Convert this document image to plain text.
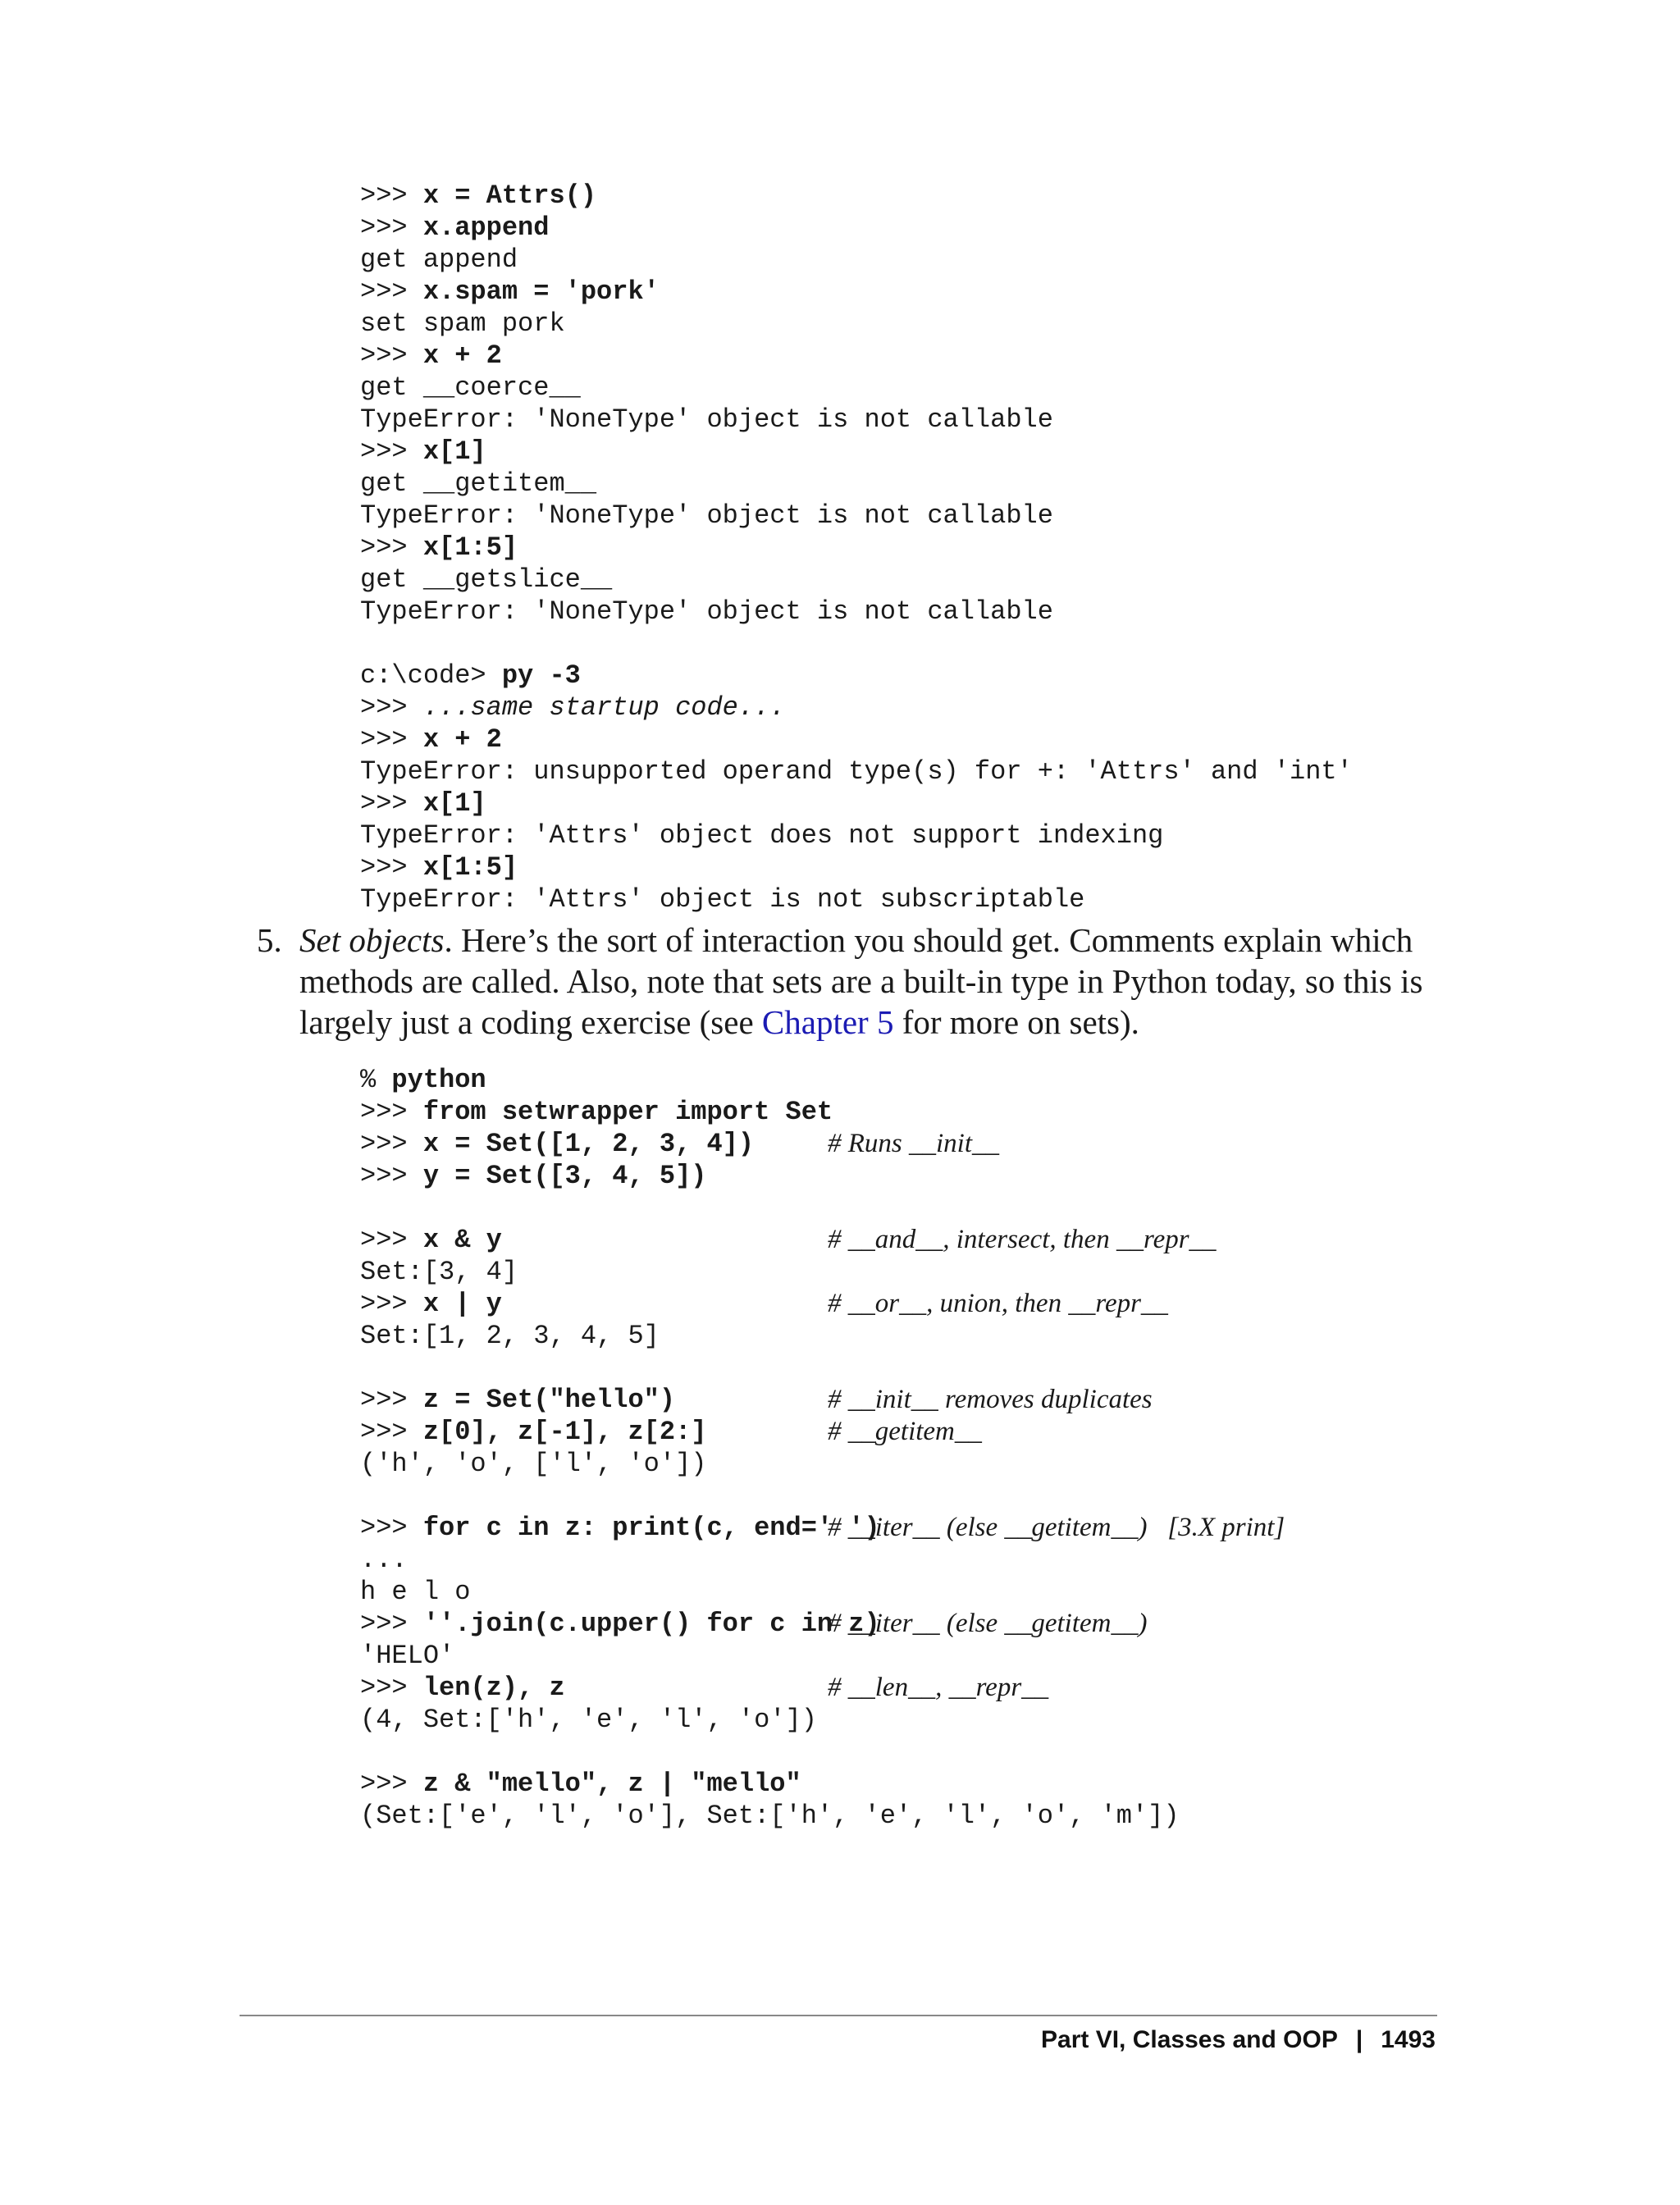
>>> x = Attrs()
>>> x.append
get append
>>> x.spam = 'pork'
set spam pork
>>> x + 2
get __coerce__
TypeError: 'NoneType' object is not callable
>>> x[1]
get __getitem__
TypeError: 'NoneType' object is not callable
>>> x[1:5]
get __getslice__
TypeError: 'NoneType' object is not callable
c:\code> py -3
>>> ...same startup code...
>>> x + 2
TypeError: unsupported operand type(s) for +: 'Attrs' and 'int'
>>> x[1]
TypeError: 'Attrs' object does not support indexing
>>> x[1:5]
TypeError: 'Attrs' object is not subscriptable
5. Set objects. Here’s the sort of interaction you should get. Comments explain which methods are called. Also, note that sets are a built-in type in Python today, so this is largely just a coding exercise (see Chapter 5 for more on sets).
% python
>>> from setwrapper import Set
>>> x = Set([1, 2, 3, 4])	# Runs __init__
>>> y = Set([3, 4, 5])
>>> x & y	# __and__, intersect, then __repr__
Set:[3, 4]
>>> x | y	# __or__, union, then __repr__
Set:[1, 2, 3, 4, 5]
>>> z = Set("hello")	# __init__ removes duplicates
>>> z[0], z[-1], z[2:]	# __getitem__
('h', 'o', ['l', 'o'])
>>> for c in z: print(c, end=' ')
# __iter__ (else __getitem__)   [3.X print]
...
h e l o
>>> ''.join(c.upper() for c in z)
# __iter__ (else __getitem__)
'HELO'
>>> len(z), z	# __len__, __repr__
(4, Set:['h', 'e', 'l', 'o'])
>>> z & "mello", z | "mello"
(Set:['e', 'l', 'o'], Set:['h', 'e', 'l', 'o', 'm'])
Part VI, Classes and OOP | 1493
